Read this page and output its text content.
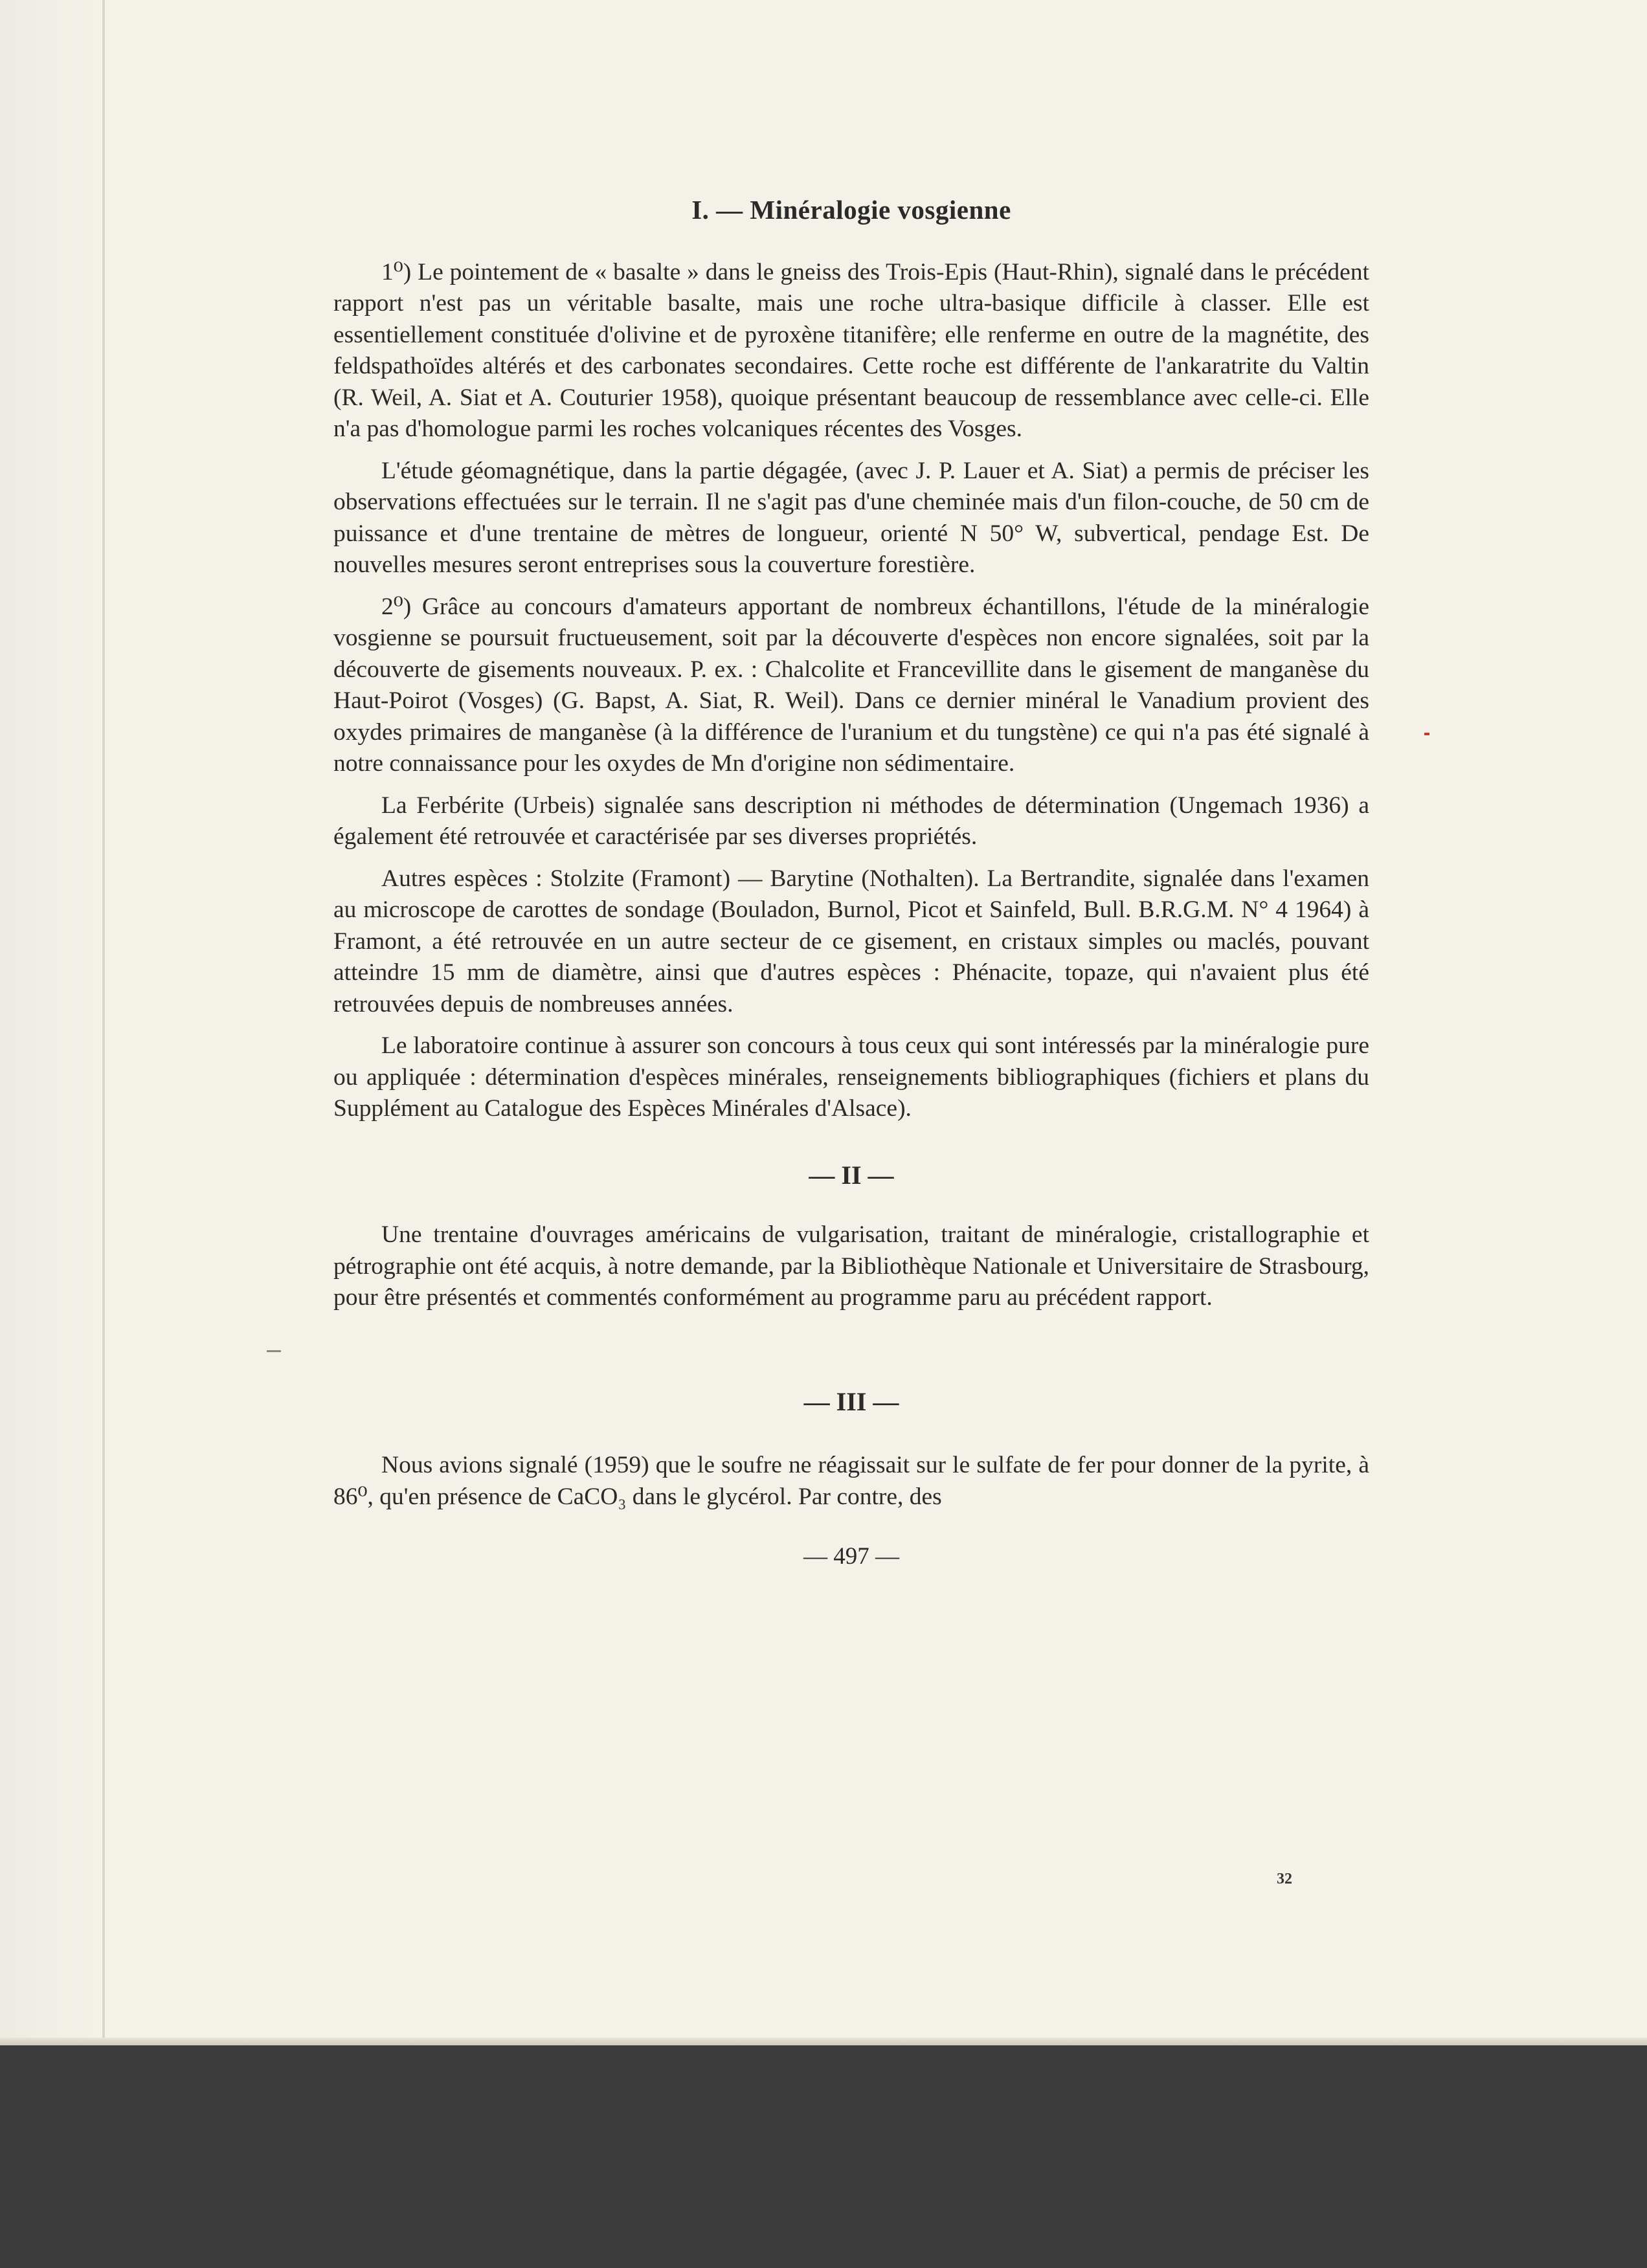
I. — Minéralogie vosgienne

1⁰) Le pointement de « basalte » dans le gneiss des Trois-Epis (Haut-Rhin), signalé dans le précédent rapport n'est pas un véritable basalte, mais une roche ultra-basique difficile à classer. Elle est essentiellement constituée d'olivine et de pyroxène titanifère; elle renferme en outre de la magnétite, des feldspathoïdes altérés et des carbonates secondaires. Cette roche est différente de l'ankaratrite du Valtin (R. Weil, A. Siat et A. Couturier 1958), quoique présentant beaucoup de ressemblance avec celle-ci. Elle n'a pas d'homologue parmi les roches volcaniques récentes des Vosges.

L'étude géomagnétique, dans la partie dégagée, (avec J. P. Lauer et A. Siat) a permis de préciser les observations effectuées sur le terrain. Il ne s'agit pas d'une cheminée mais d'un filon-couche, de 50 cm de puissance et d'une trentaine de mètres de longueur, orienté N 50° W, subvertical, pendage Est. De nouvelles mesures seront entreprises sous la couverture forestière.

2⁰) Grâce au concours d'amateurs apportant de nombreux échantillons, l'étude de la minéralogie vosgienne se poursuit fructueusement, soit par la découverte d'espèces non encore signalées, soit par la découverte de gisements nouveaux. P. ex. : Chalcolite et Francevillite dans le gisement de manganèse du Haut-Poirot (Vosges) (G. Bapst, A. Siat, R. Weil). Dans ce dernier minéral le Vanadium provient des oxydes primaires de manganèse (à la différence de l'uranium et du tungstène) ce qui n'a pas été signalé à notre connaissance pour les oxydes de Mn d'origine non sédimentaire.

La Ferbérite (Urbeis) signalée sans description ni méthodes de détermination (Ungemach 1936) a également été retrouvée et caractérisée par ses diverses propriétés.

Autres espèces : Stolzite (Framont) — Barytine (Nothalten). La Bertrandite, signalée dans l'examen au microscope de carottes de sondage (Bouladon, Burnol, Picot et Sainfeld, Bull. B.R.G.M. N° 4 1964) à Framont, a été retrouvée en un autre secteur de ce gisement, en cristaux simples ou maclés, pouvant atteindre 15 mm de diamètre, ainsi que d'autres espèces : Phénacite, topaze, qui n'avaient plus été retrouvées depuis de nombreuses années.

Le laboratoire continue à assurer son concours à tous ceux qui sont intéressés par la minéralogie pure ou appliquée : détermination d'espèces minérales, renseignements bibliographiques (fichiers et plans du Supplément au Catalogue des Espèces Minérales d'Alsace).

— II —

Une trentaine d'ouvrages américains de vulgarisation, traitant de minéralogie, cristallographie et pétrographie ont été acquis, à notre demande, par la Bibliothèque Nationale et Universitaire de Strasbourg, pour être présentés et commentés conformément au programme paru au précédent rapport.

— III —

Nous avions signalé (1959) que le soufre ne réagissait sur le sulfate de fer pour donner de la pyrite, à 86⁰, qu'en présence de CaCO₃ dans le glycérol. Par contre, des

— 497 —
32
